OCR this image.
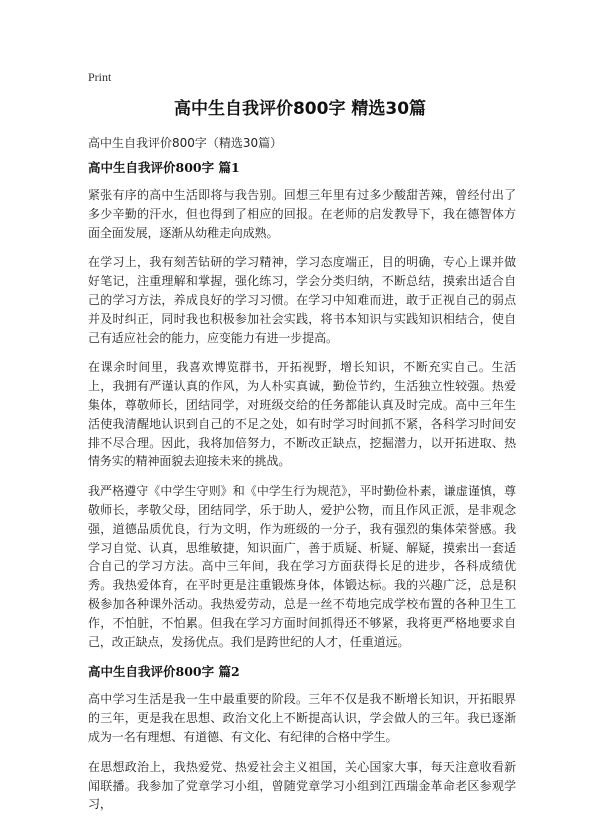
Print
高中生自我评价800字 精选30篇
高中生自我评价800字（精选30篇）
高中生自我评价800字 篇1

紧张有序的高中生活即将与我告别。回想三年里有过多少酸甜苦辣，曾经付出了多少辛勤的汗水，但也得到了相应的回报。在老师的启发教导下，我在德智体方面全面发展，逐渐从幼稚走向成熟。

在学习上，我有刻苦钻研的学习精神，学习态度端正，目的明确，专心上课并做好笔记，注重理解和掌握，强化练习，学会分类归纳，不断总结，摸索出适合自己的学习方法，养成良好的学习习惯。在学习中知难而进，敢于正视自己的弱点并及时纠正，同时我也积极参加社会实践，将书本知识与实践知识相结合，使自己有适应社会的能力，应变能力有进一步提高。

在课余时间里，我喜欢博览群书，开拓视野，增长知识，不断充实自己。生活上，我拥有严谨认真的作风，为人朴实真诚，勤俭节约，生活独立性较强。热爱集体，尊敬师长，团结同学，对班级交给的任务都能认真及时完成。高中三年生活使我清醒地认识到自己的不足之处，如有时学习时间抓不紧，各科学习时间安排不尽合理。因此，我将加倍努力，不断改正缺点，挖掘潜力，以开拓进取、热情务实的精神面貌去迎接未来的挑战。

我严格遵守《中学生守则》和《中学生行为规范》，平时勤俭朴素，谦虚谨慎，尊敬师长，孝敬父母，团结同学，乐于助人，爱护公物，而且作风正派，是非观念强，道德品质优良，行为文明，作为班级的一分子，我有强烈的集体荣誉感。我学习自觉、认真，思维敏捷，知识面广，善于质疑、析疑、解疑，摸索出一套适合自己的学习方法。高中三年间，我在学习方面获得长足的进步，各科成绩优秀。我热爱体育，在平时更是注重锻炼身体，体锻达标。我的兴趣广泛，总是积极参加各种课外活动。我热爱劳动，总是一丝不苟地完成学校布置的各种卫生工作，不怕脏，不怕累。但我在学习方面时间抓得还不够紧，我将更严格地要求自己，改正缺点，发扬优点。我们是跨世纪的人才，任重道远。

高中生自我评价800字 篇2

高中学习生活是我一生中最重要的阶段。三年不仅是我不断增长知识，开拓眼界的三年，更是我在思想、政治文化上不断提高认识，学会做人的三年。我已逐渐成为一名有理想、有道德、有文化、有纪律的合格中学生。

在思想政治上，我热爱党、热爱社会主义祖国，关心国家大事，每天注意收看新闻联播。我参加了党章学习小组，曾随党章学习小组到江西瑞金革命老区参观学习，
